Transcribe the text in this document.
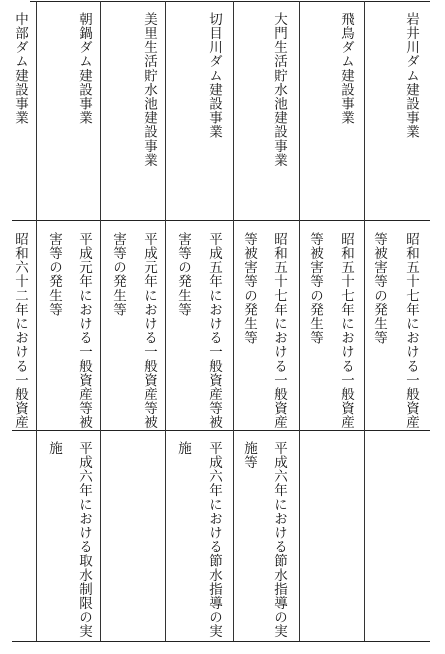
岩井川ダム建設事業
昭和五十七年における一般資産
等被害等の発生等
飛鳥ダム建設事業
昭和五十七年における一般資産
等被害等の発生等
大門生活貯水池建設事業
昭和五十七年における一般資産
等被害等の発生等
平成六年における節水指導の実
施等
切目川ダム建設事業
平成五年における一般資産等被
害等の発生等
平成六年における節水指導の実
施
美里生活貯水池建設事業
平成元年における一般資産等被
害等の発生等
朝鍋ダム建設事業
平成元年における一般資産等被
害等の発生等
平成六年における取水制限の実
施
中部ダム建設事業
昭和六十二年における一般資産
